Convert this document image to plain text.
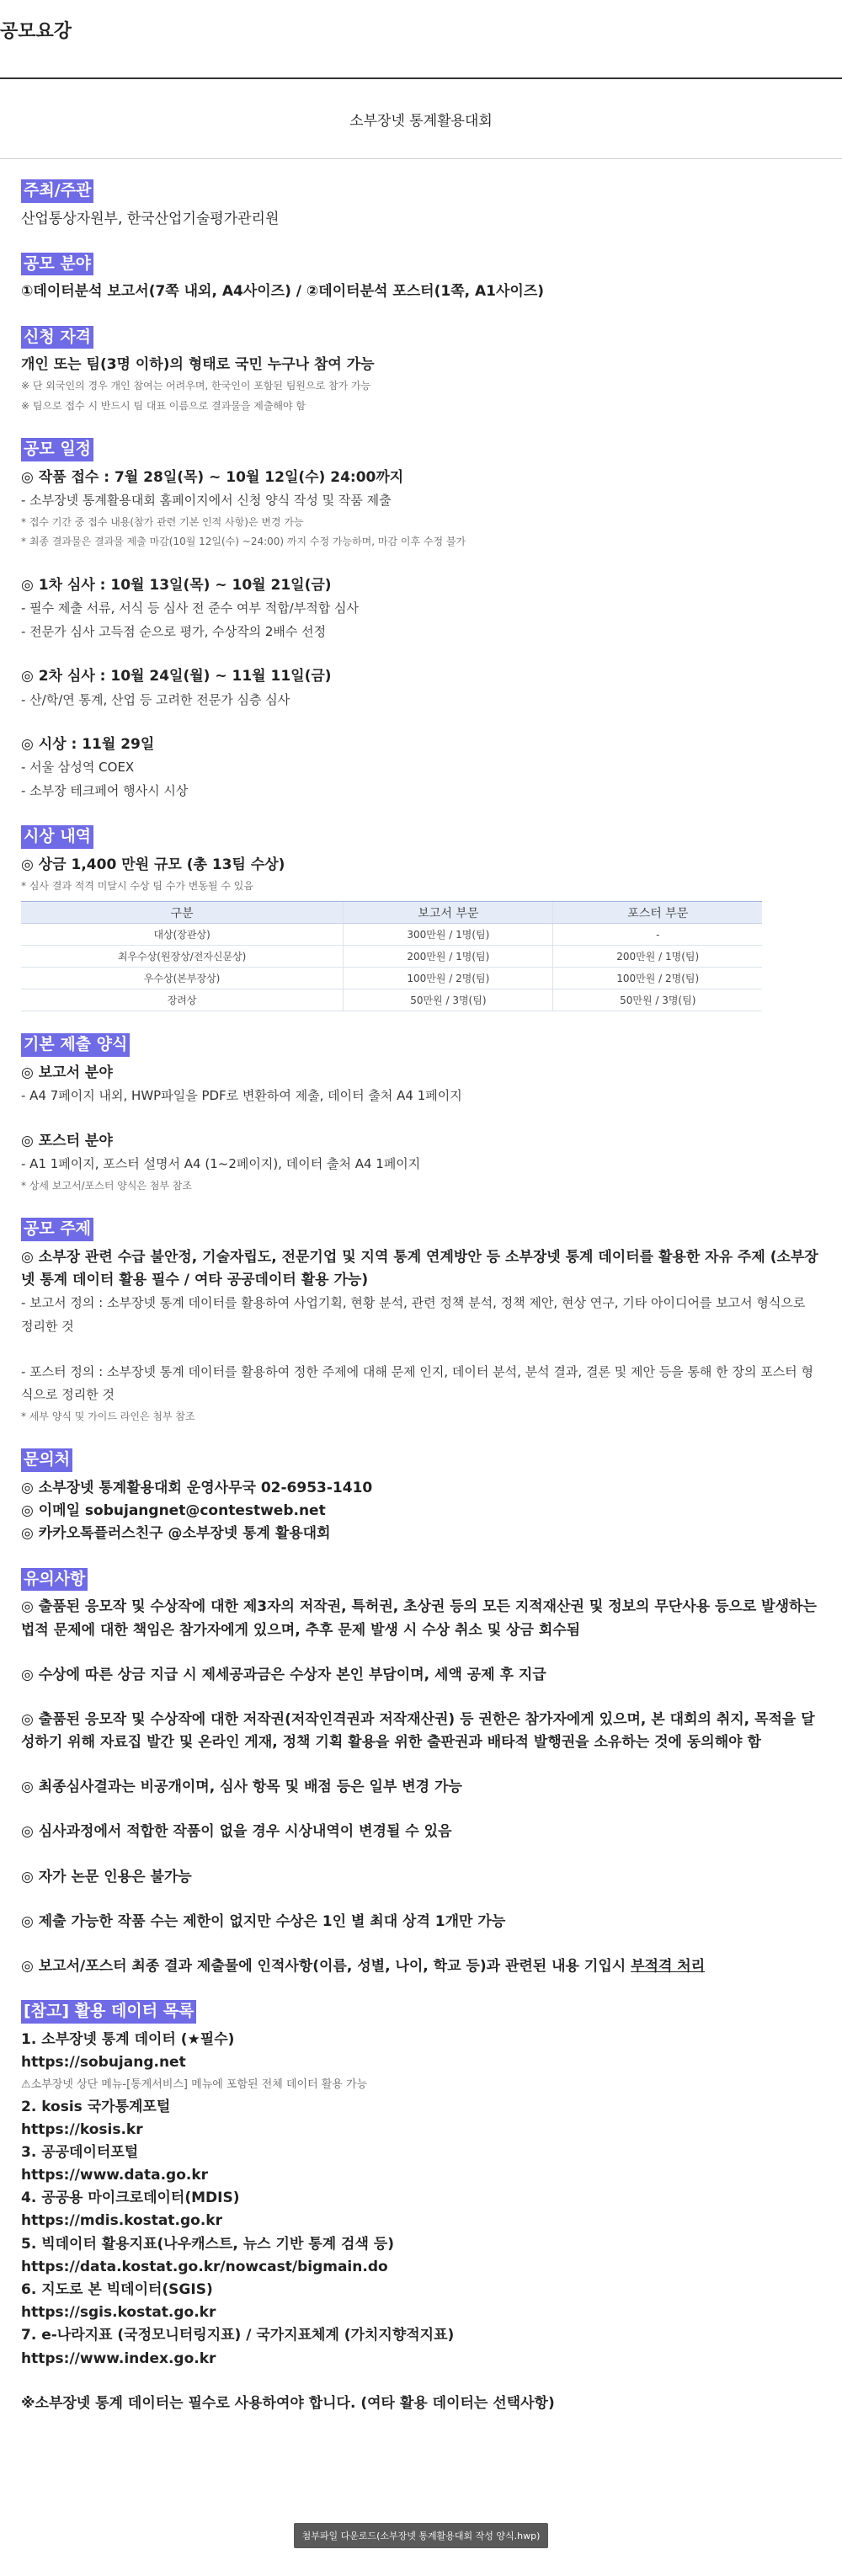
공모요강
소부장넷 통계활용대회
주최/주관

산업통상자원부, 한국산업기술평가관리원

공모 분야

①데이터분석 보고서(7쪽 내외, A4사이즈) / ②데이터분석 포스터(1쪽, A1사이즈)

신청 자격

개인 또는 팀(3명 이하)의 형태로 국민 누구나 참여 가능

※ 단 외국인의 경우 개인 참여는 어려우며, 한국인이 포함된 팀원으로 참가 가능

※ 팀으로 접수 시 반드시 팀 대표 이름으로 결과물을 제출해야 함

공모 일정

◎ 작품 접수 : 7월 28일(목) ~ 10월 12일(수) 24:00까지

- 소부장넷 통계활용대회 홈페이지에서 신청 양식 작성 및 작품 제출

* 접수 기간 중 접수 내용(참가 관련 기본 인적 사항)은 변경 가능

* 최종 결과물은 결과물 제출 마감(10월 12일(수) ~24:00) 까지 수정 가능하며, 마감 이후 수정 불가

◎ 1차 심사 : 10월 13일(목) ~ 10월 21일(금)

- 필수 제출 서류, 서식 등 심사 전 준수 여부 적합/부적합 심사

- 전문가 심사 고득점 순으로 평가, 수상작의 2배수 선정

◎ 2차 심사 : 10월 24일(월) ~ 11월 11일(금)

- 산/학/연 통계, 산업 등 고려한 전문가 심층 심사

◎ 시상 : 11월 29일

- 서울 삼성역 COEX

- 소부장 테크페어 행사시 시상

시상 내역

◎ 상금 1,400 만원 규모 (총 13팀 수상)

* 심사 결과 적격 미달시 수상 팀 수가 변동될 수 있음

구분	보고서 부문	포스터 부문
대상(장관상)	300만원 / 1명(팀)	-
최우수상(원장상/전자신문상)	200만원 / 1명(팀)	200만원 / 1명(팀)
우수상(본부장상)	100만원 / 2명(팀)	100만원 / 2명(팀)
장려상	50만원 / 3명(팀)	50만원 / 3명(팀)
기본 제출 양식

◎ 보고서 분야

- A4 7페이지 내외, HWP파일을 PDF로 변환하여 제출, 데이터 출처 A4 1페이지

◎ 포스터 분야

- A1 1페이지, 포스터 설명서 A4 (1~2페이지), 데이터 출처 A4 1페이지

* 상세 보고서/포스터 양식은 첨부 참조

공모 주제

◎ 소부장 관련 수급 불안정, 기술자립도, 전문기업 및 지역 통계 연계방안 등 소부장넷 통계 데이터를 활용한 자유 주제 (소부장넷 통계 데이터 활용 필수 / 여타 공공데이터 활용 가능)

- 보고서 정의 : 소부장넷 통계 데이터를 활용하여 사업기획, 현황 분석, 관련 정책 분석, 정책 제안, 현상 연구, 기타 아이디어를 보고서 형식으로 정리한 것

- 포스터 정의 : 소부장넷 통계 데이터를 활용하여 정한 주제에 대해 문제 인지, 데이터 분석, 분석 결과, 결론 및 제안 등을 통해 한 장의 포스터 형식으로 정리한 것

* 세부 양식 및 가이드 라인은 첨부 참조

문의처

◎ 소부장넷 통계활용대회 운영사무국 02-6953-1410

◎ 이메일 sobujangnet@contestweb.net

◎ 카카오톡플러스친구 @소부장넷 통계 활용대회

유의사항

◎ 출품된 응모작 및 수상작에 대한 제3자의 저작권, 특허권, 초상권 등의 모든 지적재산권 및 정보의 무단사용 등으로 발생하는 법적 문제에 대한 책임은 참가자에게 있으며, 추후 문제 발생 시 수상 취소 및 상금 회수됨

◎ 수상에 따른 상금 지급 시 제세공과금은 수상자 본인 부담이며, 세액 공제 후 지급

◎ 출품된 응모작 및 수상작에 대한 저작권(저작인격권과 저작재산권) 등 권한은 참가자에게 있으며, 본 대회의 취지, 목적을 달성하기 위해 자료집 발간 및 온라인 게재, 정책 기획 활용을 위한 출판권과 배타적 발행권을 소유하는 것에 동의해야 함

◎ 최종심사결과는 비공개이며, 심사 항목 및 배점 등은 일부 변경 가능

◎ 심사과정에서 적합한 작품이 없을 경우 시상내역이 변경될 수 있음

◎ 자가 논문 인용은 불가능

◎ 제출 가능한 작품 수는 제한이 없지만 수상은 1인 별 최대 상격 1개만 가능

◎ 보고서/포스터 최종 결과 제출물에 인적사항(이름, 성별, 나이, 학교 등)과 관련된 내용 기입시 부적격 처리

[참고] 활용 데이터 목록

1. 소부장넷 통계 데이터 (★필수)

https://sobujang.net

⚠소부장넷 상단 메뉴-[통계서비스] 메뉴에 포함된 전체 데이터 활용 가능

2. kosis 국가통계포털

https://kosis.kr

3. 공공데이터포털

https://www.data.go.kr

4. 공공용 마이크로데이터(MDIS)

https://mdis.kostat.go.kr

5. 빅데이터 활용지표(나우캐스트, 뉴스 기반 통계 검색 등)

https://data.kostat.go.kr/nowcast/bigmain.do

6. 지도로 본 빅데이터(SGIS)

https://sgis.kostat.go.kr

7. e-나라지표 (국정모니터링지표) / 국가지표체계 (가치지향적지표)

https://www.index.go.kr

※소부장넷 통계 데이터는 필수로 사용하여야 합니다. (여타 활용 데이터는 선택사항)

첨부파일 다운로드(소부장넷 통계활용대회 작성 양식.hwp)
